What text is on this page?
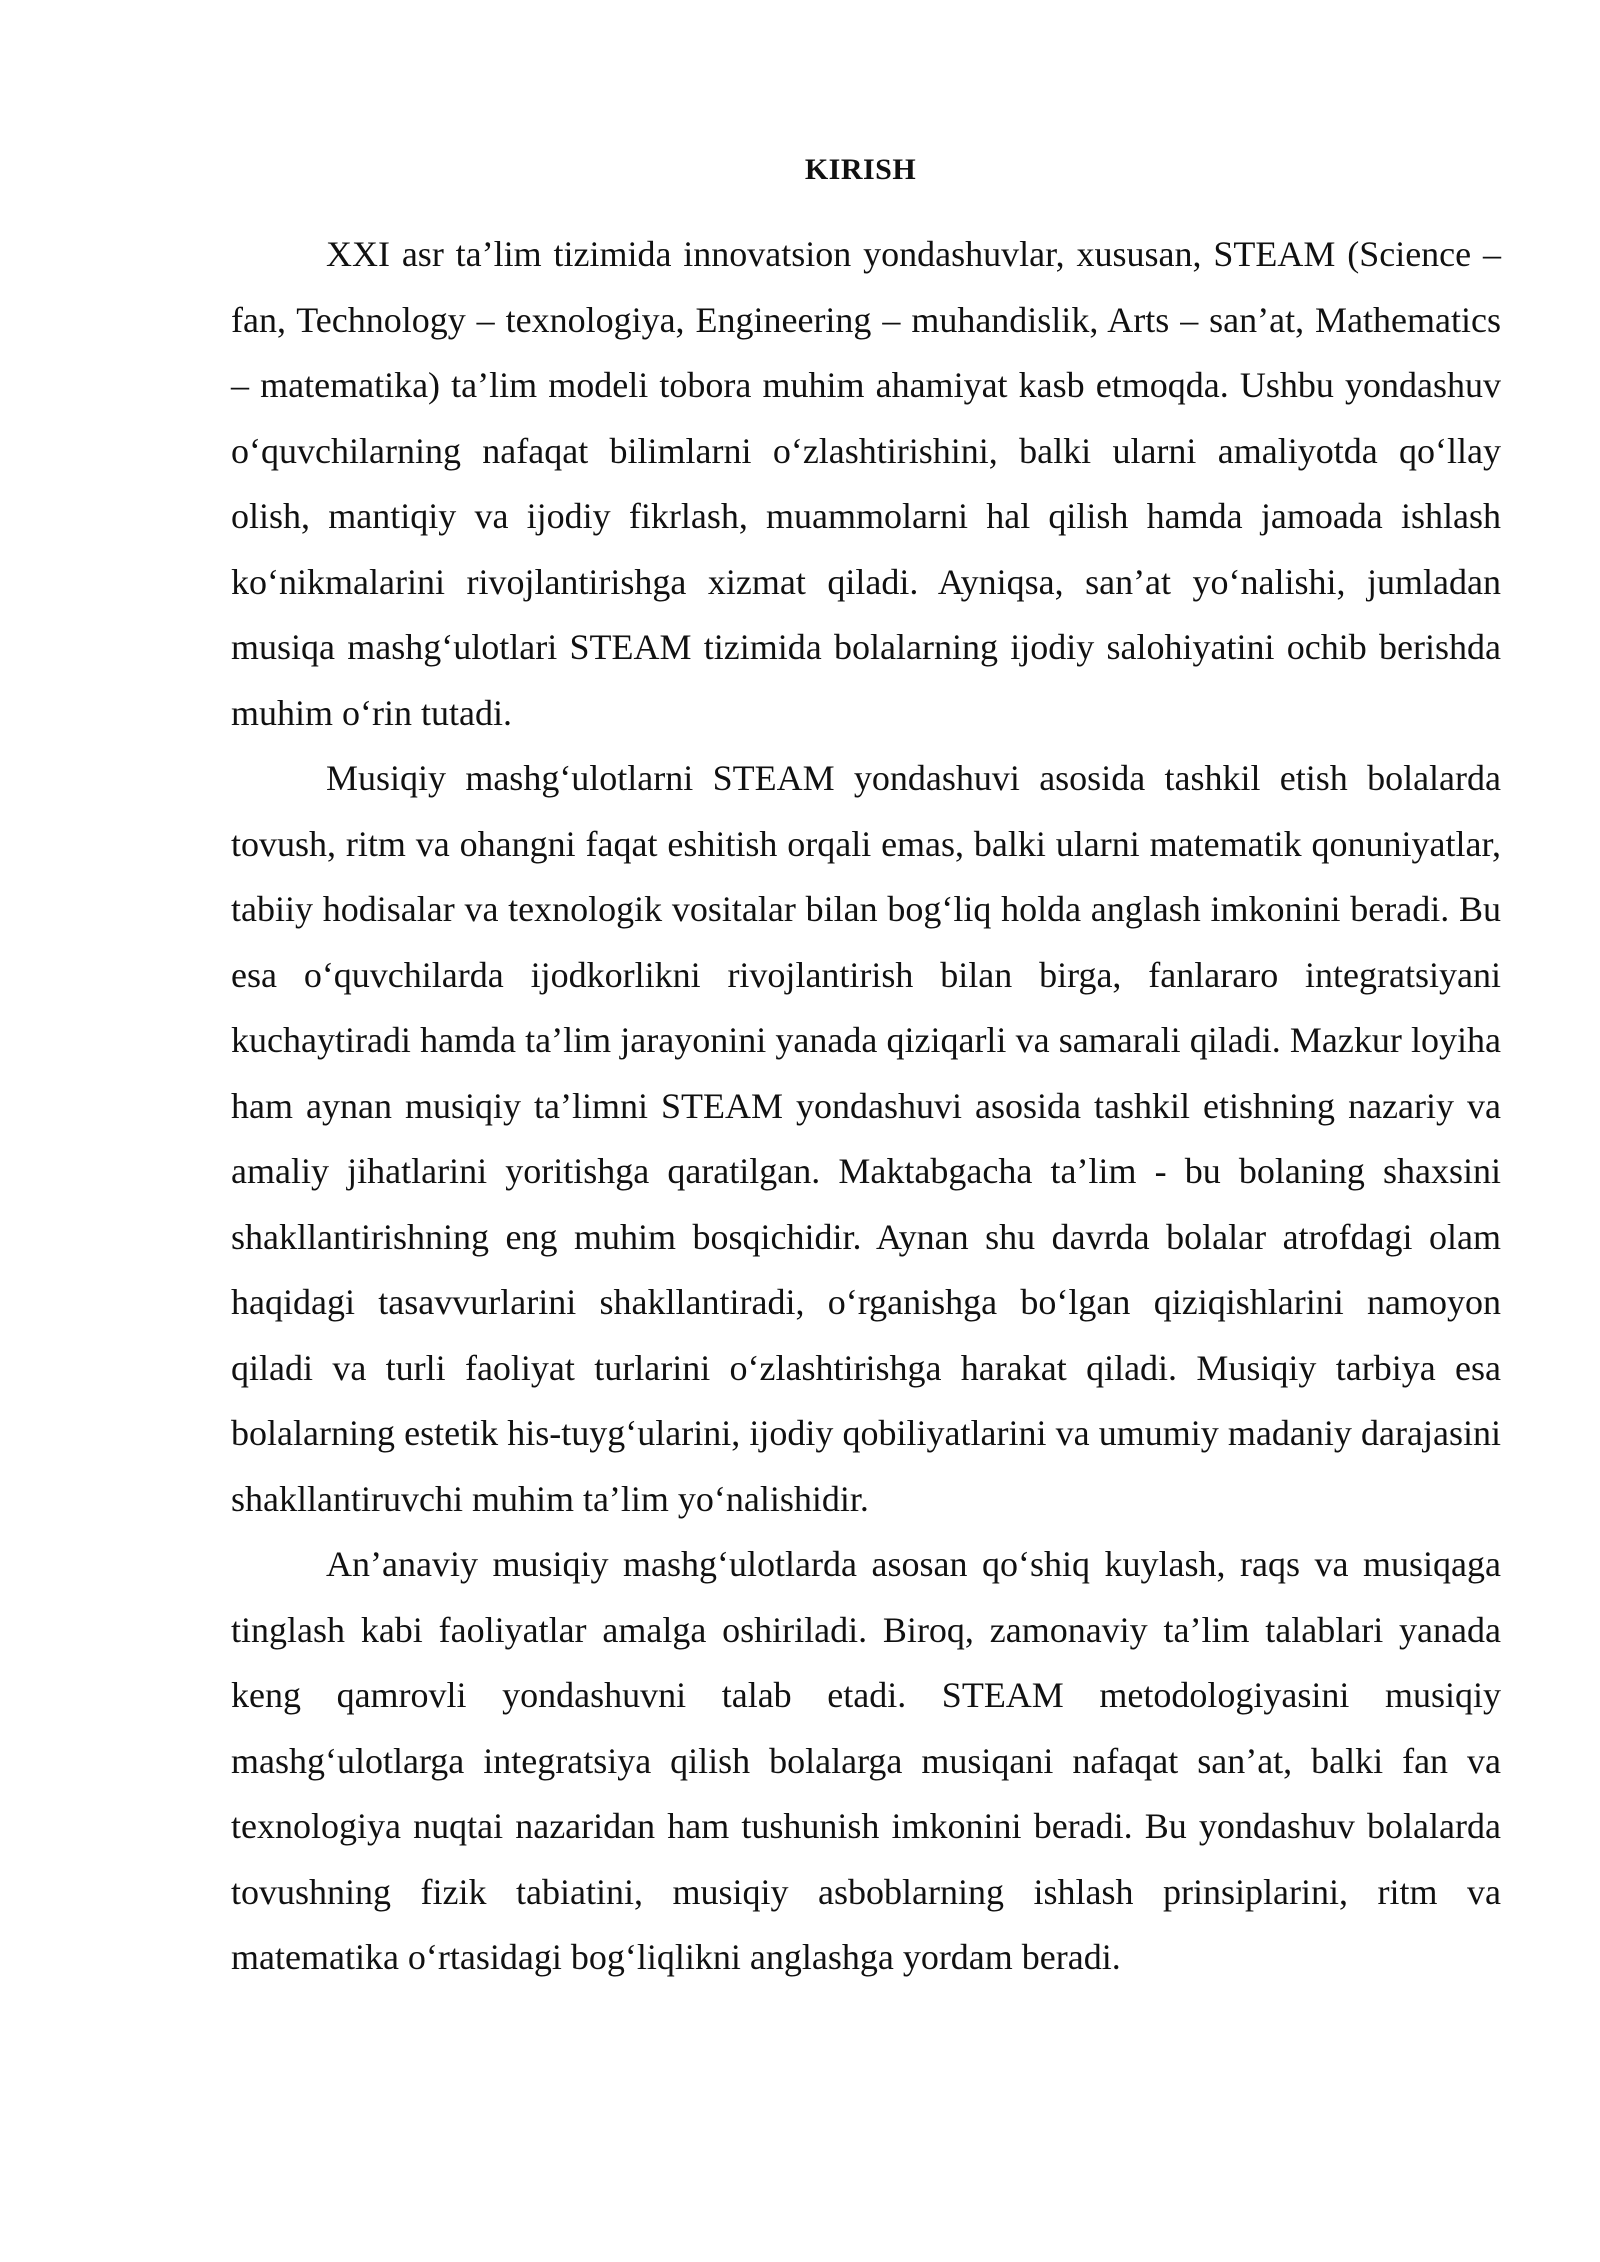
KIRISH

XXI asr ta’lim tizimida innovatsion yondashuvlar, xususan, STEAM (Science – fan, Technology – texnologiya, Engineering – muhandislik, Arts – san’at, Mathematics – matematika) ta’lim modeli tobora muhim ahamiyat kasb etmoqda. Ushbu yondashuv o‘quvchilarning nafaqat bilimlarni o‘zlashtirishini, balki ularni amaliyotda qo‘llay olish, mantiqiy va ijodiy fikrlash, muammolarni hal qilish hamda jamoada ishlash ko‘nikmalarini rivojlantirishga xizmat qiladi. Ayniqsa, san’at yo‘nalishi, jumladan musiqa mashg‘ulotlari STEAM tizimida bolalarning ijodiy salohiyatini ochib berishda muhim o‘rin tutadi.

Musiqiy mashg‘ulotlarni STEAM yondashuvi asosida tashkil etish bolalarda tovush, ritm va ohangni faqat eshitish orqali emas, balki ularni matematik qonuniyatlar, tabiiy hodisalar va texnologik vositalar bilan bog‘liq holda anglash imkonini beradi. Bu esa o‘quvchilarda ijodkorlikni rivojlantirish bilan birga, fanlararo integratsiyani kuchaytiradi hamda ta’lim jarayonini yanada qiziqarli va samarali qiladi. Mazkur loyiha ham aynan musiqiy ta’limni STEAM yondashuvi asosida tashkil etishning nazariy va amaliy jihatlarini yoritishga qaratilgan. Maktabgacha ta’lim - bu bolaning shaxsini shakllantirishning eng muhim bosqichidir. Aynan shu davrda bolalar atrofdagi olam haqidagi tasavvurlarini shakllantiradi, o‘rganishga bo‘lgan qiziqishlarini namoyon qiladi va turli faoliyat turlarini o‘zlashtirishga harakat qiladi. Musiqiy tarbiya esa bolalarning estetik his-tuyg‘ularini, ijodiy qobiliyatlarini va umumiy madaniy darajasini shakllantiruvchi muhim ta’lim yo‘nalishidir.

An’anaviy musiqiy mashg‘ulotlarda asosan qo‘shiq kuylash, raqs va musiqaga tinglash kabi faoliyatlar amalga oshiriladi. Biroq, zamonaviy ta’lim talablari yanada keng qamrovli yondashuvni talab etadi. STEAM metodologiyasini musiqiy mashg‘ulotlarga integratsiya qilish bolalarga musiqani nafaqat san’at, balki fan va texnologiya nuqtai nazaridan ham tushunish imkonini beradi. Bu yondashuv bolalarda tovushning fizik tabiatini, musiqiy asboblarning ishlash prinsiplarini, ritm va matematika o‘rtasidagi bog‘liqlikni anglashga yordam beradi.
